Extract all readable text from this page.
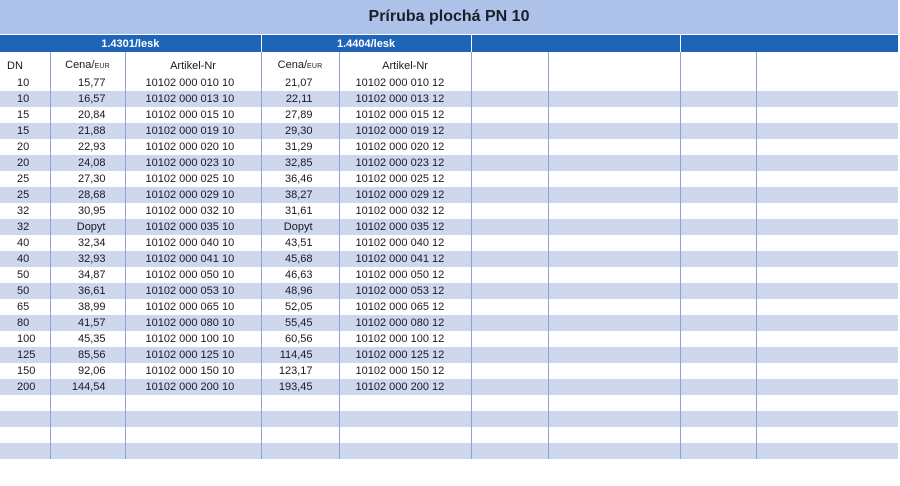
Príruba plochá PN 10
1.4301/lesk			1.4404/lesk					

DN	Cena/EUR	Artikel-Nr	Cena/EUR	Artikel-Nr				
10	15,77	10102 000 010 10	21,07	10102 000 010 12				
10	16,57	10102 000 013 10	22,11	10102 000 013 12				
15	20,84	10102 000 015 10	27,89	10102 000 015 12				
15	21,88	10102 000 019 10	29,30	10102 000 019 12				
20	22,93	10102 000 020 10	31,29	10102 000 020 12				
20	24,08	10102 000 023 10	32,85	10102 000 023 12				
25	27,30	10102 000 025 10	36,46	10102 000 025 12				
25	28,68	10102 000 029 10	38,27	10102 000 029 12				
32	30,95	10102 000 032 10	31,61	10102 000 032 12				
32	Dopyt	10102 000 035 10	Dopyt	10102 000 035 12				
40	32,34	10102 000 040 10	43,51	10102 000 040 12				
40	32,93	10102 000 041 10	45,68	10102 000 041 12				
50	34,87	10102 000 050 10	46,63	10102 000 050 12				
50	36,61	10102 000 053 10	48,96	10102 000 053 12				
65	38,99	10102 000 065 10	52,05	10102 000 065 12				
80	41,57	10102 000 080 10	55,45	10102 000 080 12				
100	45,35	10102 000 100 10	60,56	10102 000 100 12				
125	85,56	10102 000 125 10	114,45	10102 000 125 12				
150	92,06	10102 000 150 10	123,17	10102 000 150 12				
200	144,54	10102 000 200 10	193,45	10102 000 200 12				
